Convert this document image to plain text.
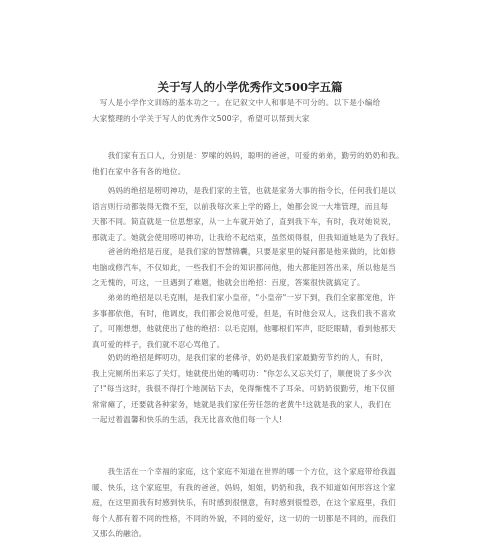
关于写人的小学优秀作文500字五篇
　写人是小学作文训练的基本功之一。在记叙文中人和事是不可分的。以下是小编给
大家整理的小学关于写人的优秀作文500字，希望可以帮到大家
　　我们家有五口人，分别是：罗嗦的妈妈，聪明的爸爸，可爱的弟弟，勤劳的奶奶和我。
他们在家中各有各的地位。
　　妈妈的绝招是唠叨神功，是我们家的主管，也就是家务大事的指令长，任何我们是以
语言则行动都装得无微不至，以前我每次来上学的路上，她都会说一大堆管理，而且每
天都不同。简直就是一位思想家，从一上车就开始了，直到我下车，有时，我对她说说，
那就走了。她就会使用唠叨神功，让我给不起结束，虽然烦得很，但我知道她是为了我好。
　　爸爸的绝招是百度，是我们家的智慧锦囊，只要是家里的疑问都是他来做的，比如修
电脑或修汽车，不仅如此，一些我们不会的知识都问他，他大都能回答出来，所以他是当
之无愧的，可这，一旦遇到了难题，他就会出绝招：百度，答案很快就搞定了。
　　弟弟的绝招是以毛克刚，是我们家小皇帝，"小皇帝"一岁下到，我们全家都宠他，许
多事都依他，有时，他调皮，我们都会说他可爱，但是，有时他会双人，这我们我不喜欢
了，可刚想想，他就使出了他的绝招：以毛克刚，他哪根们军声，眨眨眼睛，看到他那天
真可爱的样子，我们就不忍心骂他了。
　　奶奶的绝招是辉叨功，是我们家的老佛爷，奶奶是我们家最勤劳节约的人，有时，
我上完厕所出来忘了关灯，她就使出她的嘴叨功："你怎么又忘关灯了，顺便说了多少次
了!"每当这时，我很不得打个地洞钻下去，免得惭愧不了耳朵。可奶奶很勤劳，地下仅留
常常瘫了，还要就各种家务，她就是我们家任劳任怨的老黄牛!这就是我的家人，我们在
一起过着温馨和快乐的生活，我无比喜欢他们每一个人!
　　我生活在一个幸福的家庭，这个家庭不知道在世界的哪一个方位，这个家庭带给我温
暖、快乐，这个家庭里，有我的爸爸，妈妈，姐姐，奶奶和我，我不知道如何形容这个家
庭，在这里面我有时感到快乐，有时感到很惬意，有时感到很惶恐，在这个家庭里，我们
每个人都有着不同的性格，不同的外貌，不同的爱好，这一切的一切都是不同的，而我们
又那么的融洽。
